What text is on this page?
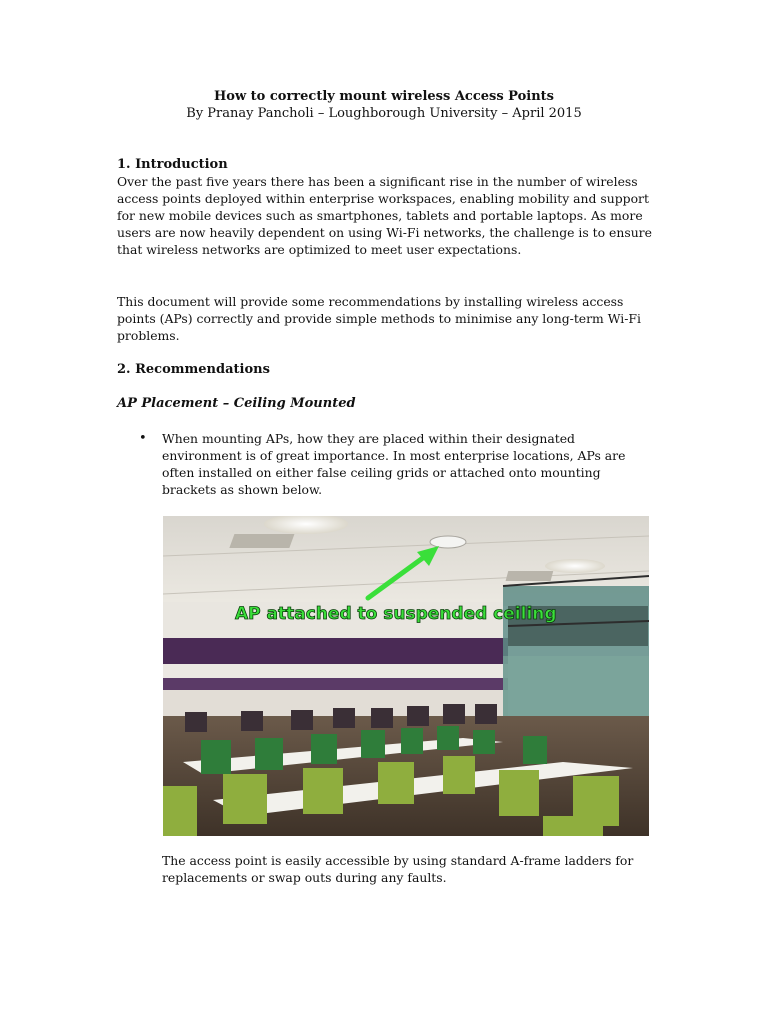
How to correctly mount wireless Access Points
By Pranay Pancholi – Loughborough University – April 2015
1. Introduction
Over the past five years there has been a significant rise in the number of wireless access points deployed within enterprise workspaces, enabling mobility and support for new mobile devices such as smartphones, tablets and portable laptops. As more users are now heavily dependent on using Wi-Fi networks, the challenge is to ensure that wireless networks are optimized to meet user expectations.
This document will provide some recommendations by installing wireless access points (APs) correctly and provide simple methods to minimise any long-term Wi-Fi problems.
2. Recommendations
AP Placement – Ceiling Mounted
• When mounting APs, how they are placed within their designated environment is of great importance. In most enterprise locations, APs are often installed on either false ceiling grids or attached onto mounting brackets as shown below.
AP attached to suspended ceiling
The access point is easily accessible by using standard A-frame ladders for replacements or swap outs during any faults.
